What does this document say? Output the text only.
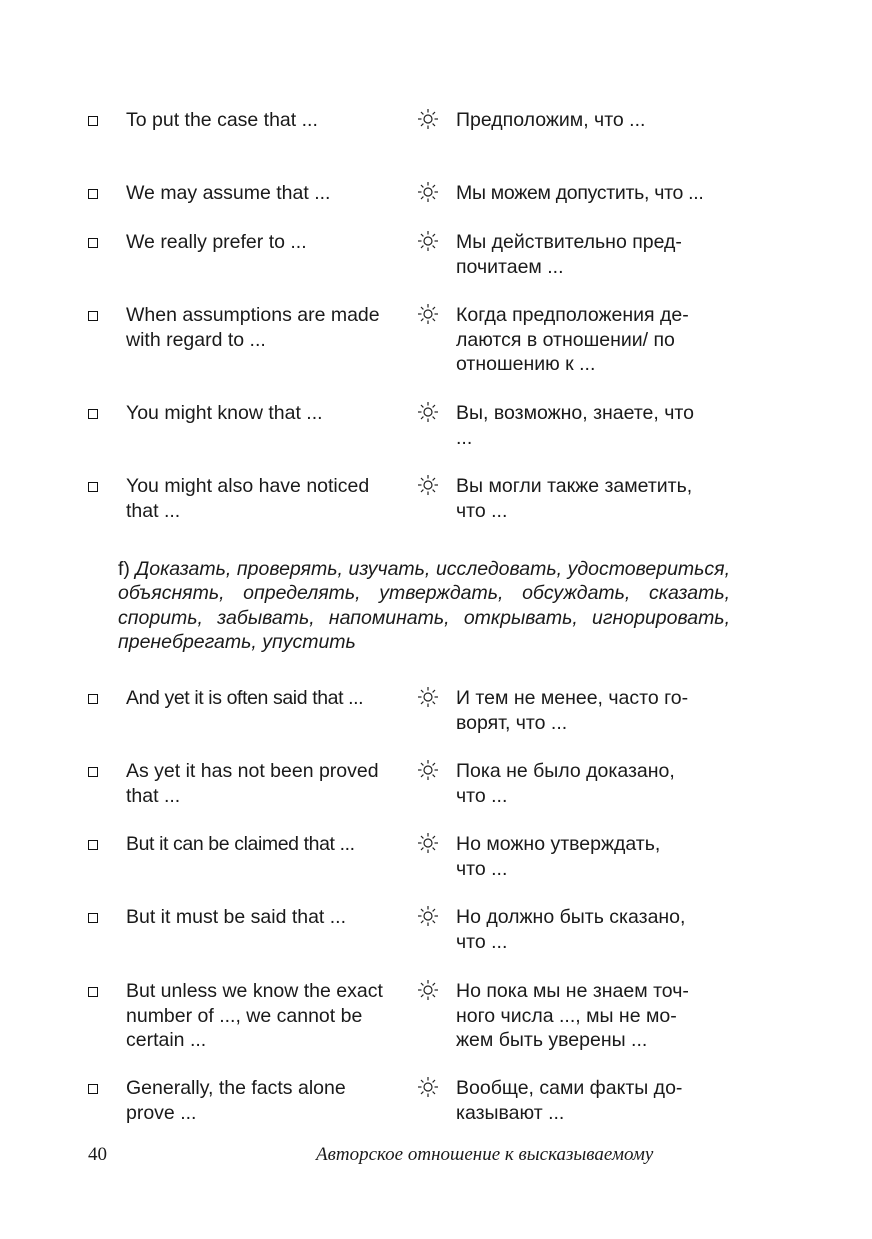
To put the case that ...	Предположим, что ...
We may assume that ...	Мы можем допустить, что ...
We really prefer to ...	Мы действительно пред-
почитаем ...
When assumptions are made
with regard to ...
Когда предположения де-
лаются в отношении/ по
отношению к ...
You might know that ...	Вы, возможно, знаете, что
...
You might also have noticed
that ...
Вы могли также заметить,
что ...
f) Доказать, проверять, изучать, исследовать, удостовериться, объяснять, определять, утверждать, обсуждать, сказать, спорить, забывать, напоминать, открывать, игнорировать, пренебрегать, упустить
And yet it is often said that ...	И тем не менее, часто го-
ворят, что ...
As yet it has not been proved
that ...
Пока не было доказано,
что ...
But it can be claimed that ...	Но можно утверждать,
что ...
But it must be said that ...	Но должно быть сказано,
что ...
But unless we know the exact
number of ..., we cannot be
certain ...
Но пока мы не знаем точ-
ного числа ..., мы не мо-
жем быть уверены ...
Generally, the facts alone
prove ...
Вообще, сами факты до-
казывают ...
40	Авторское отношение к высказываемому
